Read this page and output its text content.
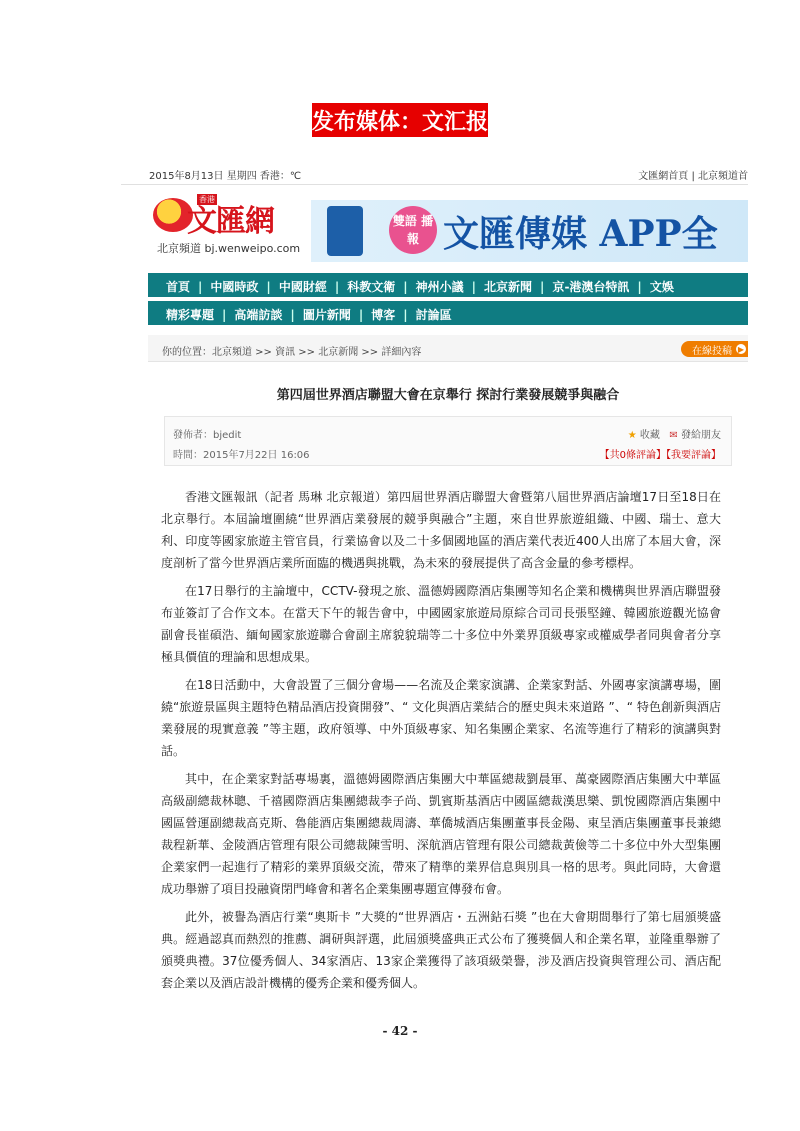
发布媒体：文汇报
2015年8月13日 星期四 香港：℃	文匯網首頁 | 北京頻道首
香港
文匯網
北京頻道 bj.wenweipo.com
雙語 播報 文匯傳媒 APP全
首頁 | 中國時政 | 中國財經 | 科教文衛 | 神州小議 | 北京新聞 | 京-港澳台特訊 | 文娛
精彩專題 | 高端訪談 | 圖片新聞 | 博客 | 討論區
你的位置：北京頻道 >> 資訊 >> 北京新聞 >> 詳細內容	在線投稿 ▶
第四屆世界酒店聯盟大會在京舉行 探討行業發展競爭與融合
發佈者：bjedit
時間：2015年7月22日 16:06
★ 收藏 ✉ 發給朋友
【共0條評論】【我要評論】

香港文匯報訊（記者 馬琳 北京報道）第四屆世界酒店聯盟大會暨第八屆世界酒店論壇17日至18日在北京舉行。本屆論壇圍繞“世界酒店業發展的競爭與融合”主題，來自世界旅遊組織、中國、瑞士、意大利、印度等國家旅遊主管官員，行業協會以及二十多個國地區的酒店業代表近400人出席了本屆大會，深度剖析了當今世界酒店業所面臨的機遇與挑戰，為未來的發展提供了高含金量的參考標桿。

在17日舉行的主論壇中，CCTV-發現之旅、溫德姆國際酒店集團等知名企業和機構與世界酒店聯盟發布並簽訂了合作文本。在當天下午的報告會中，中國國家旅遊局原綜合司司長張堅鐘、韓國旅遊觀光協會副會長崔碩浩、緬甸國家旅遊聯合會副主席貌貌瑞等二十多位中外業界頂級專家或權威學者同與會者分享極具價值的理論和思想成果。

在18日活動中，大會設置了三個分會場——名流及企業家演講、企業家對話、外國專家演講專場，圍繞“旅遊景區與主題特色精品酒店投資開發”、“ 文化與酒店業結合的歷史與未來道路 ”、“ 特色創新與酒店業發展的現實意義 ”等主題，政府領導、中外頂級專家、知名集團企業家、名流等進行了精彩的演講與對話。

其中，在企業家對話專場裏，溫德姆國際酒店集團大中華區總裁劉晨軍、萬豪國際酒店集團大中華區高級副總裁林聰、千禧國際酒店集團總裁李子尚、凱賓斯基酒店中國區總裁漢思樂、凱悅國際酒店集團中國區營運副總裁高克斯、魯能酒店集團總裁周濤、華僑城酒店集團董事長金陽、東呈酒店集團董事長兼總裁程新華、金陵酒店管理有限公司總裁陳雪明、深航酒店管理有限公司總裁黃儉等二十多位中外大型集團企業家們一起進行了精彩的業界頂級交流，帶來了精準的業界信息與別具一格的思考。與此同時，大會還成功舉辦了項目投融資閉門峰會和著名企業集團專題宣傳發布會。

此外，被譽為酒店行業“奧斯卡 ”大獎的“世界酒店・五洲鉆石獎 ”也在大會期間舉行了第七屆頒獎盛典。經過認真而熱烈的推薦、調研與評選，此屆頒獎盛典正式公布了獲獎個人和企業名單，並隆重舉辦了頒獎典禮。37位優秀個人、34家酒店、13家企業獲得了該項級榮譽，涉及酒店投資與管理公司、酒店配套企業以及酒店設計機構的優秀企業和優秀個人。

- 42 -
